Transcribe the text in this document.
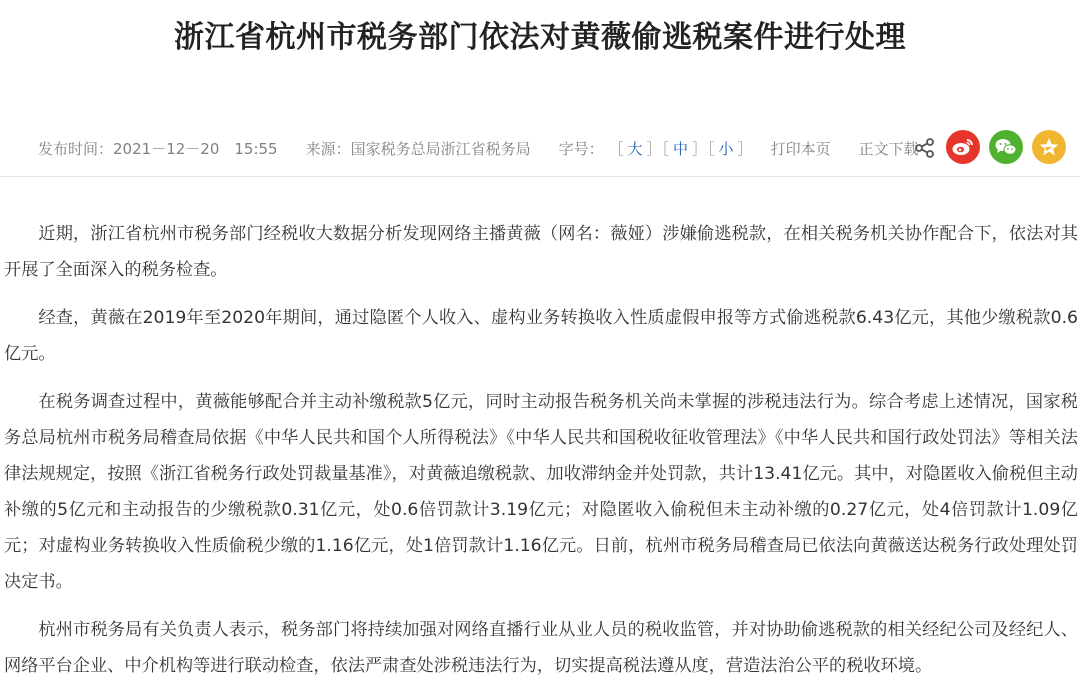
浙江省杭州市税务部门依法对黄薇偷逃税案件进行处理
发布时间： 2021－12－20　15:55 来源： 国家税务总局浙江省税务局 字号： ［ 大 ］［ 中 ］［ 小 ］ 打印本页 正文下载

近期，浙江省杭州市税务部门经税收大数据分析发现网络主播黄薇（网名：薇娅）涉嫌偷逃税款，在相关税务机关协作配合下，依法对其开展了全面深入的税务检查。

经查，黄薇在2019年至2020年期间，通过隐匿个人收入、虚构业务转换收入性质虚假申报等方式偷逃税款6.43亿元，其他少缴税款0.6亿元。

在税务调查过程中，黄薇能够配合并主动补缴税款5亿元，同时主动报告税务机关尚未掌握的涉税违法行为。综合考虑上述情况，国家税务总局杭州市税务局稽查局依据《中华人民共和国个人所得税法》《中华人民共和国税收征收管理法》《中华人民共和国行政处罚法》等相关法律法规规定，按照《浙江省税务行政处罚裁量基准》，对黄薇追缴税款、加收滞纳金并处罚款，共计13.41亿元。其中，对隐匿收入偷税但主动补缴的5亿元和主动报告的少缴税款0.31亿元，处0.6倍罚款计3.19亿元；对隐匿收入偷税但未主动补缴的0.27亿元，处4倍罚款计1.09亿元；对虚构业务转换收入性质偷税少缴的1.16亿元，处1倍罚款计1.16亿元。日前，杭州市税务局稽查局已依法向黄薇送达税务行政处理处罚决定书。

杭州市税务局有关负责人表示，税务部门将持续加强对网络直播行业从业人员的税收监管，并对协助偷逃税款的相关经纪公司及经纪人、网络平台企业、中介机构等进行联动检查，依法严肃查处涉税违法行为，切实提高税法遵从度，营造法治公平的税收环境。
